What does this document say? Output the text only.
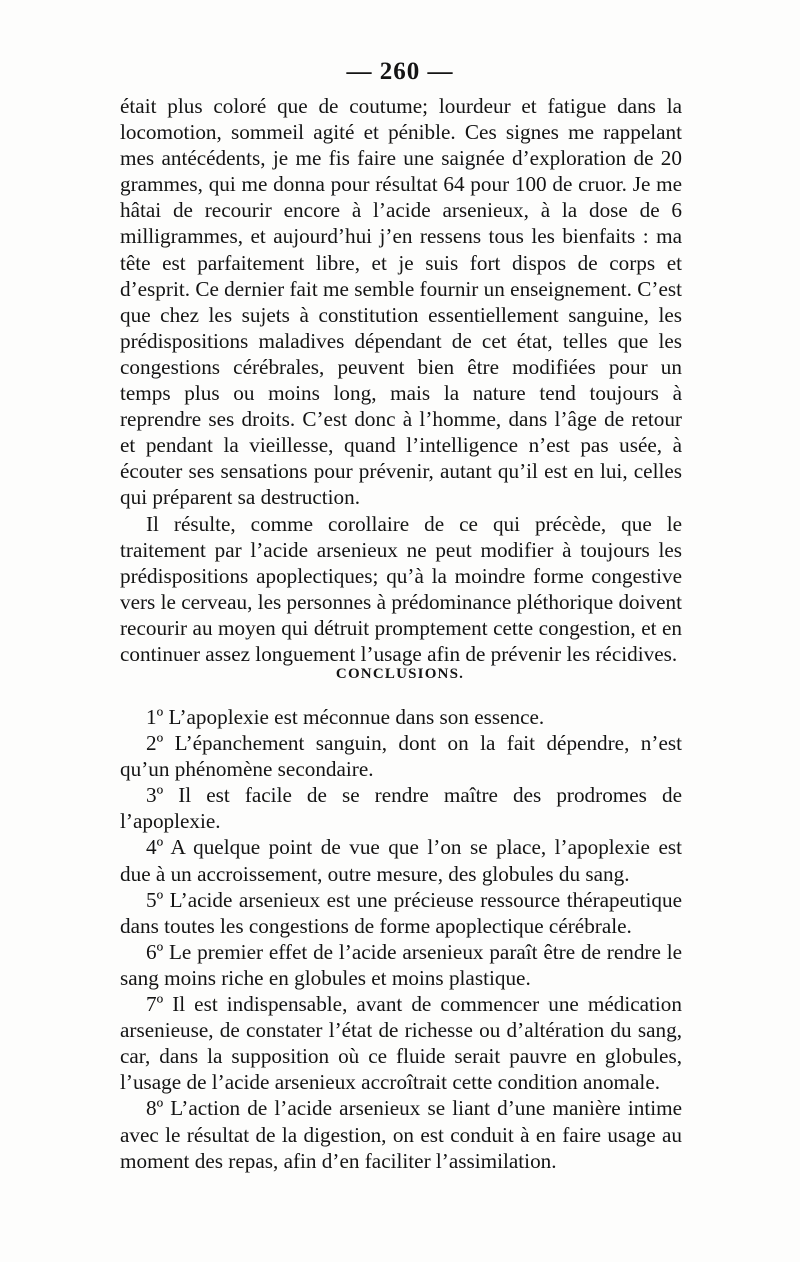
— 260 —

était plus coloré que de coutume; lourdeur et fatigue dans la locomotion, sommeil agité et pénible. Ces signes me rappelant mes antécédents, je me fis faire une saignée d’exploration de 20 grammes, qui me donna pour résultat 64 pour 100 de cruor. Je me hâtai de recourir encore à l’acide arsenieux, à la dose de 6 milligrammes, et aujourd’hui j’en ressens tous les bienfaits : ma tête est parfaitement libre, et je suis fort dispos de corps et d’esprit. Ce dernier fait me semble fournir un enseignement. C’est que chez les sujets à constitution essentiellement sanguine, les prédispositions maladives dépendant de cet état, telles que les congestions cérébrales, peuvent bien être modifiées pour un temps plus ou moins long, mais la nature tend toujours à reprendre ses droits. C’est donc à l’homme, dans l’âge de retour et pendant la vieillesse, quand l’intelligence n’est pas usée, à écouter ses sensations pour prévenir, autant qu’il est en lui, celles qui préparent sa destruction.

Il résulte, comme corollaire de ce qui précède, que le traitement par l’acide arsenieux ne peut modifier à toujours les prédispositions apoplectiques; qu’à la moindre forme congestive vers le cerveau, les personnes à prédominance pléthorique doivent recourir au moyen qui détruit promptement cette congestion, et en continuer assez longuement l’usage afin de prévenir les récidives.

CONCLUSIONS.

1º L’apoplexie est méconnue dans son essence.

2º L’épanchement sanguin, dont on la fait dépendre, n’est qu’un phénomène secondaire.

3º Il est facile de se rendre maître des prodromes de l’apoplexie.

4º A quelque point de vue que l’on se place, l’apoplexie est due à un accroissement, outre mesure, des globules du sang.

5º L’acide arsenieux est une précieuse ressource thérapeutique dans toutes les congestions de forme apoplectique cérébrale.

6º Le premier effet de l’acide arsenieux paraît être de rendre le sang moins riche en globules et moins plastique.

7º Il est indispensable, avant de commencer une médication arsenieuse, de constater l’état de richesse ou d’altération du sang, car, dans la supposition où ce fluide serait pauvre en globules, l’usage de l’acide arsenieux accroîtrait cette condition anomale.

8º L’action de l’acide arsenieux se liant d’une manière intime avec le résultat de la digestion, on est conduit à en faire usage au moment des repas, afin d’en faciliter l’assimilation.
